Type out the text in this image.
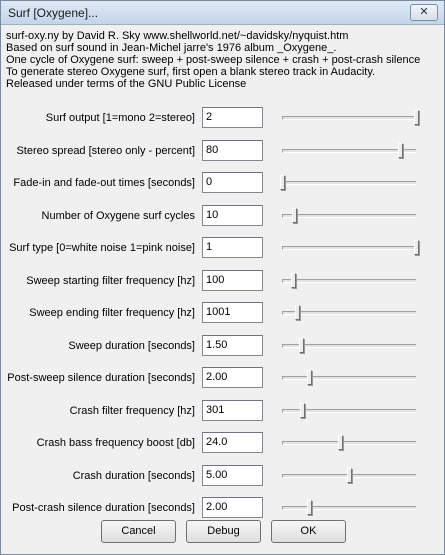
Surf [Oxygene]...	✕
surf-oxy.ny by David R. Sky www.shellworld.net/~davidsky/nyquist.htm
Based on surf sound in Jean-Michel jarre's 1976 album _Oxygene_.
One cycle of Oxygene surf: sweep + post-sweep silence + crash + post-crash silence
To generate stereo Oxygene surf, first open a blank stereo track in Audacity.
Released under terms of the GNU Public License
Surf output [1=mono 2=stereo]	2
Stereo spread [stereo only - percent]	80
Fade-in and fade-out times [seconds]	0
Number of Oxygene surf cycles	10
Surf type [0=white noise 1=pink noise]	1
Sweep starting filter frequency [hz]	100
Sweep ending filter frequency [hz]	1001
Sweep duration [seconds]	1.50
Post-sweep silence duration [seconds]	2.00
Crash filter frequency [hz]	301
Crash bass frequency boost [db]	24.0
Crash duration [seconds]	5.00
Post-crash silence duration [seconds]	2.00
Cancel	Debug	OK
